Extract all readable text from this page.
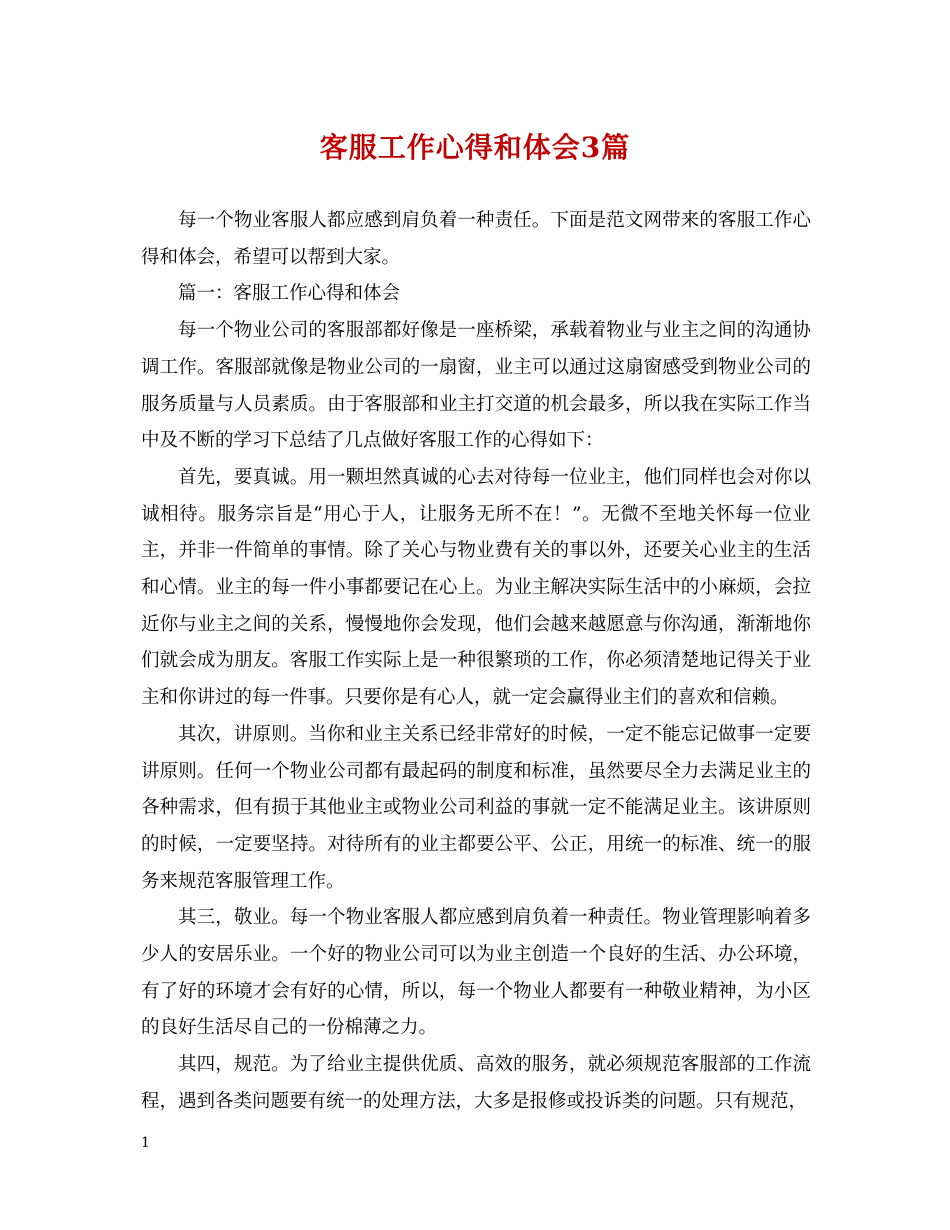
客服工作心得和体会3篇

每一个物业客服人都应感到肩负着一种责任。下面是范文网带来的客服工作心得和体会，希望可以帮到大家。

篇一：客服工作心得和体会

每一个物业公司的客服部都好像是一座桥梁，承载着物业与业主之间的沟通协调工作。客服部就像是物业公司的一扇窗，业主可以通过这扇窗感受到物业公司的服务质量与人员素质。由于客服部和业主打交道的机会最多，所以我在实际工作当中及不断的学习下总结了几点做好客服工作的心得如下：

首先，要真诚。用一颗坦然真诚的心去对待每一位业主，他们同样也会对你以诚相待。服务宗旨是“用心于人，让服务无所不在！”。无微不至地关怀每一位业主，并非一件简单的事情。除了关心与物业费有关的事以外，还要关心业主的生活和心情。业主的每一件小事都要记在心上。为业主解决实际生活中的小麻烦，会拉近你与业主之间的关系，慢慢地你会发现，他们会越来越愿意与你沟通，渐渐地你们就会成为朋友。客服工作实际上是一种很繁琐的工作，你必须清楚地记得关于业主和你讲过的每一件事。只要你是有心人，就一定会赢得业主们的喜欢和信赖。

其次，讲原则。当你和业主关系已经非常好的时候，一定不能忘记做事一定要讲原则。任何一个物业公司都有最起码的制度和标准，虽然要尽全力去满足业主的各种需求，但有损于其他业主或物业公司利益的事就一定不能满足业主。该讲原则的时候，一定要坚持。对待所有的业主都要公平、公正，用统一的标准、统一的服务来规范客服管理工作。

其三，敬业。每一个物业客服人都应感到肩负着一种责任。物业管理影响着多少人的安居乐业。一个好的物业公司可以为业主创造一个良好的生活、办公环境，有了好的环境才会有好的心情，所以，每一个物业人都要有一种敬业精神，为小区的良好生活尽自己的一份棉薄之力。

其四，规范。为了给业主提供优质、高效的服务，就必须规范客服部的工作流程，遇到各类问题要有统一的处理方法，大多是报修或投诉类的问题。只有规范，

1
